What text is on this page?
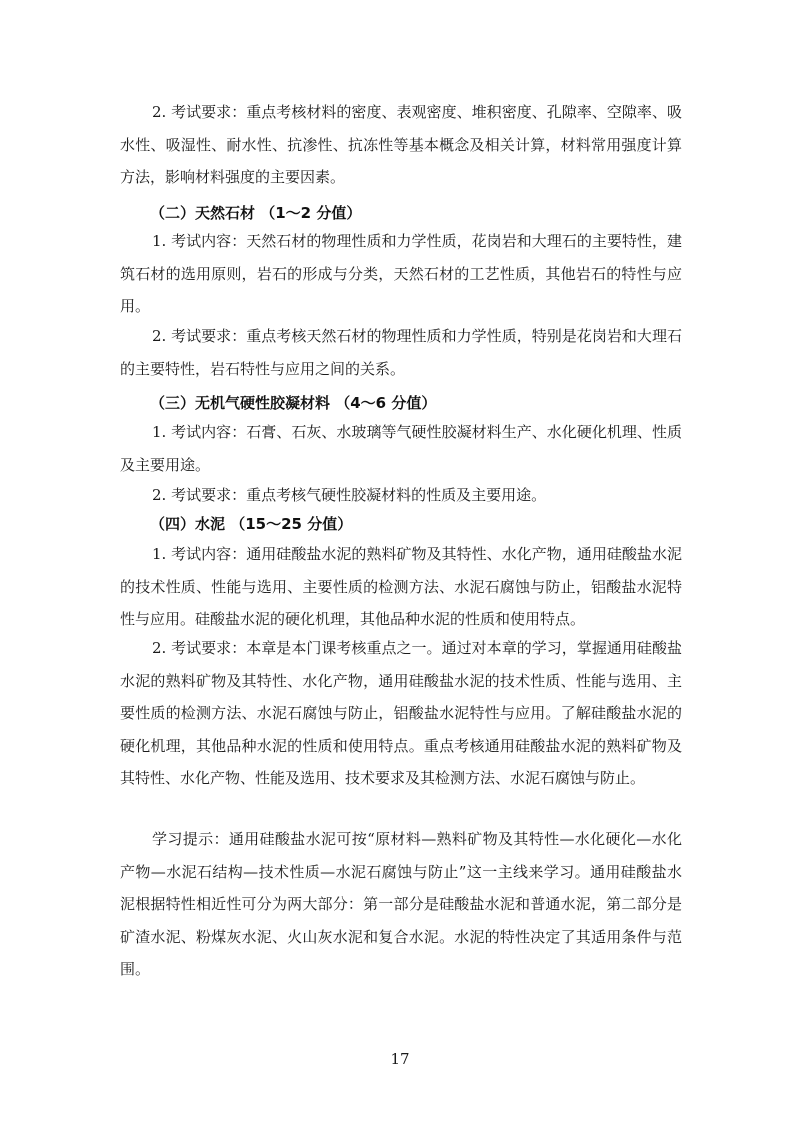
2. 考试要求：重点考核材料的密度、表观密度、堆积密度、孔隙率、空隙率、吸水性、吸湿性、耐水性、抗渗性、抗冻性等基本概念及相关计算，材料常用强度计算方法，影响材料强度的主要因素。

（二）天然石材 （1～2 分值）

1. 考试内容：天然石材的物理性质和力学性质，花岗岩和大理石的主要特性，建筑石材的选用原则，岩石的形成与分类，天然石材的工艺性质，其他岩石的特性与应用。

2. 考试要求：重点考核天然石材的物理性质和力学性质，特别是花岗岩和大理石的主要特性，岩石特性与应用之间的关系。

（三）无机气硬性胶凝材料 （4～6 分值）

1. 考试内容：石膏、石灰、水玻璃等气硬性胶凝材料生产、水化硬化机理、性质及主要用途。

2. 考试要求：重点考核气硬性胶凝材料的性质及主要用途。

（四）水泥 （15～25 分值）

1. 考试内容：通用硅酸盐水泥的熟料矿物及其特性、水化产物，通用硅酸盐水泥的技术性质、性能与选用、主要性质的检测方法、水泥石腐蚀与防止，铝酸盐水泥特性与应用。硅酸盐水泥的硬化机理，其他品种水泥的性质和使用特点。

2. 考试要求：本章是本门课考核重点之一。通过对本章的学习，掌握通用硅酸盐水泥的熟料矿物及其特性、水化产物，通用硅酸盐水泥的技术性质、性能与选用、主要性质的检测方法、水泥石腐蚀与防止，铝酸盐水泥特性与应用。了解硅酸盐水泥的硬化机理，其他品种水泥的性质和使用特点。重点考核通用硅酸盐水泥的熟料矿物及其特性、水化产物、性能及选用、技术要求及其检测方法、水泥石腐蚀与防止。

学习提示：通用硅酸盐水泥可按“原材料—熟料矿物及其特性—水化硬化—水化产物—水泥石结构—技术性质—水泥石腐蚀与防止”这一主线来学习。通用硅酸盐水泥根据特性相近性可分为两大部分：第一部分是硅酸盐水泥和普通水泥，第二部分是矿渣水泥、粉煤灰水泥、火山灰水泥和复合水泥。水泥的特性决定了其适用条件与范围。

17
